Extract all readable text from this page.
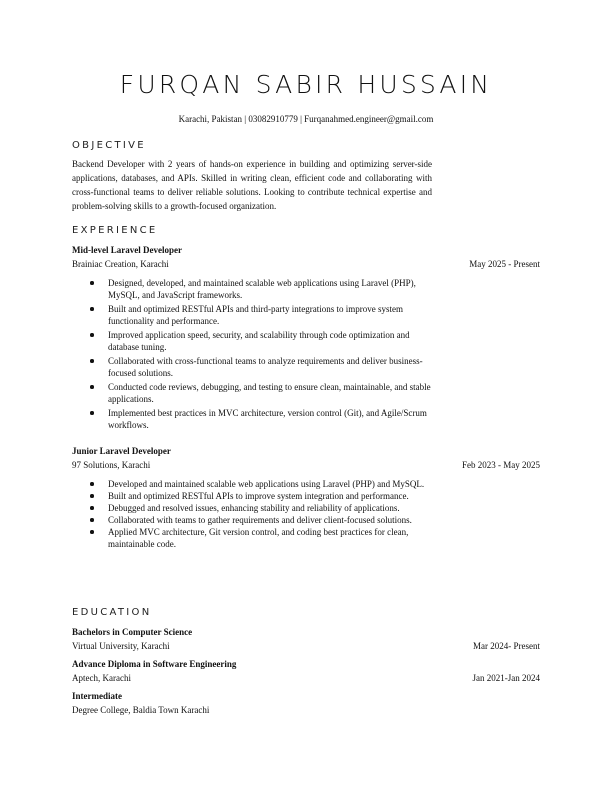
FURQAN SABIR HUSSAIN
Karachi, Pakistan | 03082910779 | Furqanahmed.engineer@gmail.com
OBJECTIVE
Backend Developer with 2 years of hands-on experience in building and optimizing server-side applications, databases, and APIs. Skilled in writing clean, efficient code and collaborating with cross-functional teams to deliver reliable solutions. Looking to contribute technical expertise and problem-solving skills to a growth-focused organization.
EXPERIENCE
Mid-level Laravel Developer
Brainiac Creation, Karachi	May 2025 - Present
Designed, developed, and maintained scalable web applications using Laravel (PHP), MySQL, and JavaScript frameworks.
Built and optimized RESTful APIs and third-party integrations to improve system functionality and performance.
Improved application speed, security, and scalability through code optimization and database tuning.
Collaborated with cross-functional teams to analyze requirements and deliver business-focused solutions.
Conducted code reviews, debugging, and testing to ensure clean, maintainable, and stable applications.
Implemented best practices in MVC architecture, version control (Git), and Agile/Scrum workflows.
Junior Laravel Developer
97 Solutions, Karachi	Feb 2023 - May 2025
Developed and maintained scalable web applications using Laravel (PHP) and MySQL.
Built and optimized RESTful APIs to improve system integration and performance.
Debugged and resolved issues, enhancing stability and reliability of applications.
Collaborated with teams to gather requirements and deliver client-focused solutions.
Applied MVC architecture, Git version control, and coding best practices for clean, maintainable code.
EDUCATION
Bachelors in Computer Science
Virtual University, Karachi	Mar 2024- Present
Advance Diploma in Software Engineering
Aptech, Karachi	Jan 2021-Jan 2024
Intermediate
Degree College, Baldia Town Karachi
